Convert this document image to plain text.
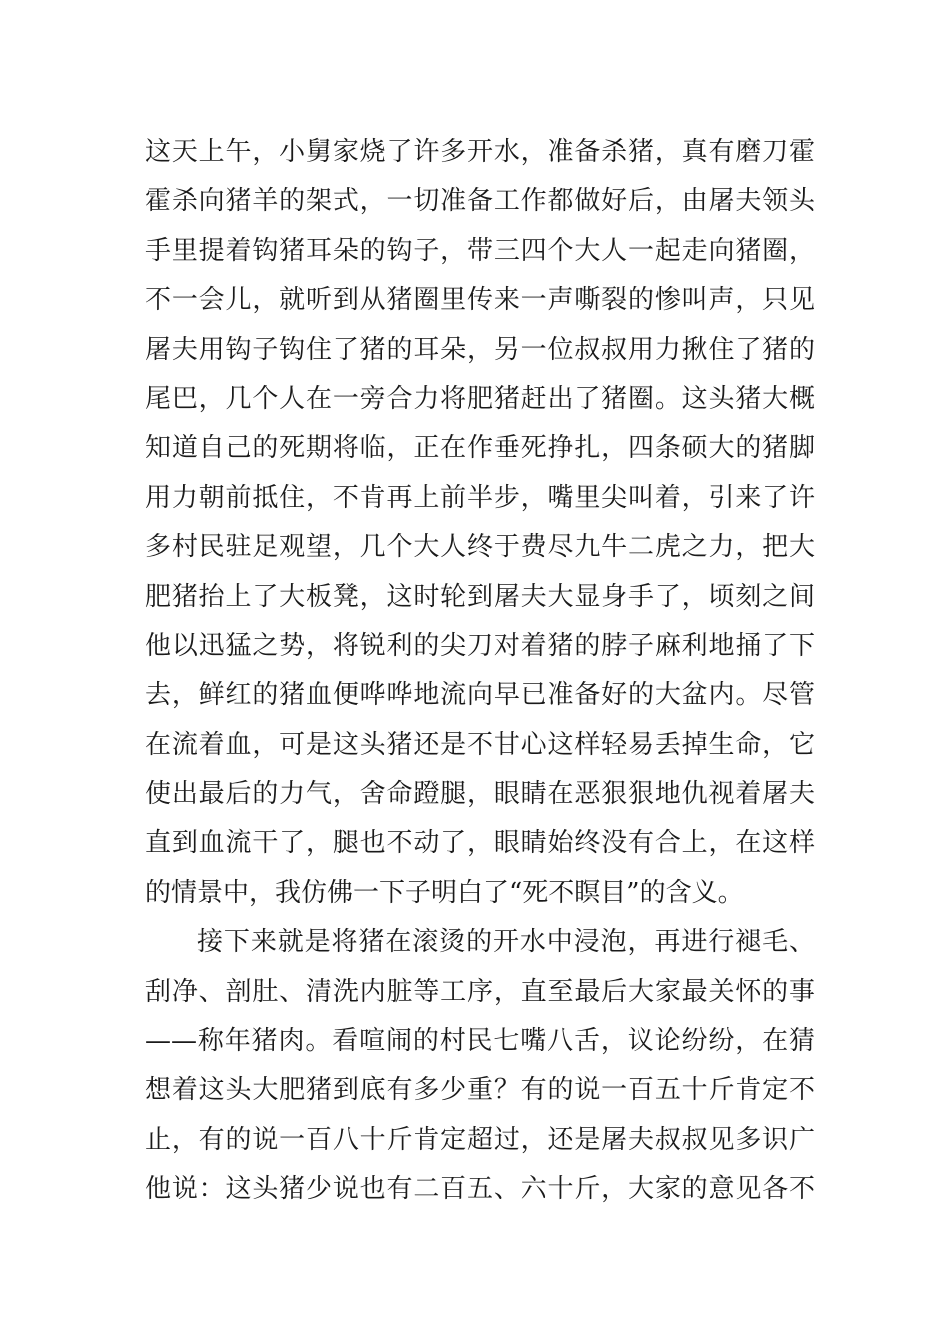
这天上午，小舅家烧了许多开水，准备杀猪，真有磨刀霍
霍杀向猪羊的架式，一切准备工作都做好后，由屠夫领头
手里提着钩猪耳朵的钩子，带三四个大人一起走向猪圈，
不一会儿，就听到从猪圈里传来一声嘶裂的惨叫声，只见
屠夫用钩子钩住了猪的耳朵，另一位叔叔用力揪住了猪的
尾巴，几个人在一旁合力将肥猪赶出了猪圈。这头猪大概
知道自己的死期将临，正在作垂死挣扎，四条硕大的猪脚
用力朝前抵住，不肯再上前半步，嘴里尖叫着，引来了许
多村民驻足观望，几个大人终于费尽九牛二虎之力，把大
肥猪抬上了大板凳，这时轮到屠夫大显身手了，顷刻之间
他以迅猛之势，将锐利的尖刀对着猪的脖子麻利地捅了下
去，鲜红的猪血便哗哗地流向早已准备好的大盆内。尽管
在流着血，可是这头猪还是不甘心这样轻易丢掉生命，它
使出最后的力气，舍命蹬腿，眼睛在恶狠狠地仇视着屠夫
直到血流干了，腿也不动了，眼睛始终没有合上，在这样
的情景中，我仿佛一下子明白了“死不瞑目”的含义。
接下来就是将猪在滚烫的开水中浸泡，再进行褪毛、
刮净、剖肚、清洗内脏等工序，直至最后大家最关怀的事
——称年猪肉。看喧闹的村民七嘴八舌，议论纷纷，在猜
想着这头大肥猪到底有多少重？有的说一百五十斤肯定不
止，有的说一百八十斤肯定超过，还是屠夫叔叔见多识广
他说：这头猪少说也有二百五、六十斤，大家的意见各不
